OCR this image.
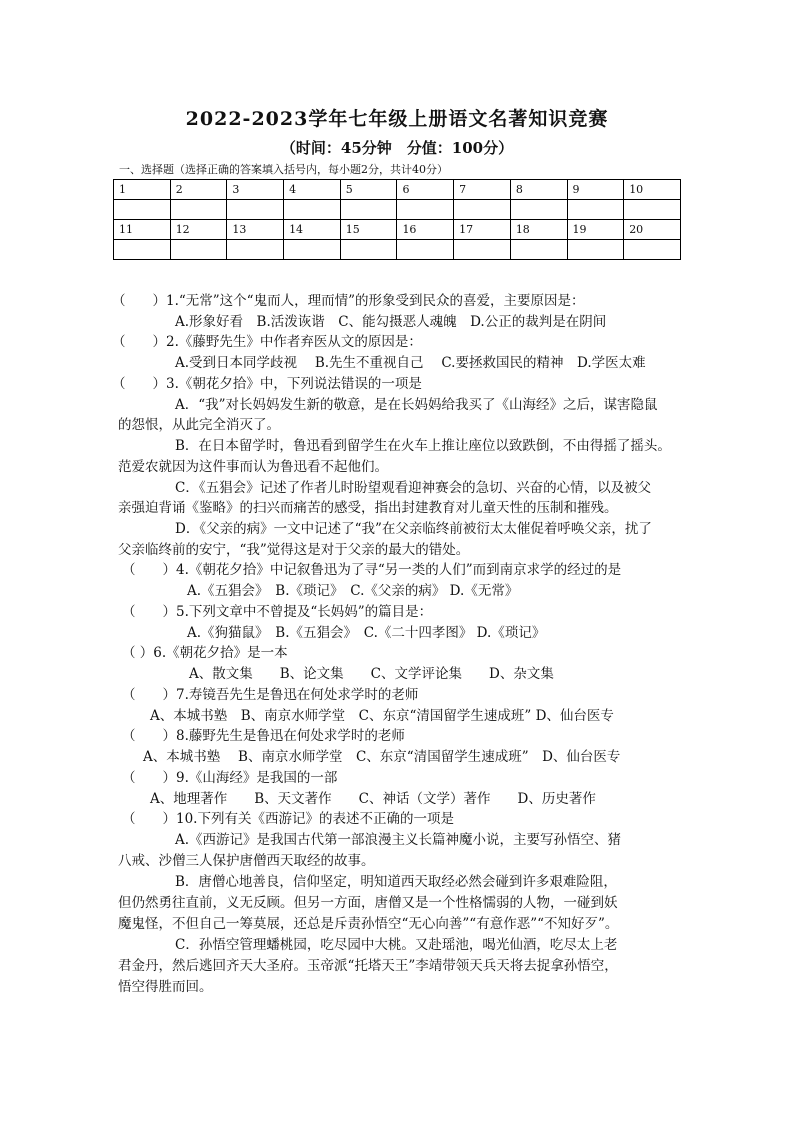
2022-2023学年七年级上册语文名著知识竞赛
（时间：45分钟　分值：100分）
一、选择题（选择正确的答案填入括号内，每小题2分，共计40分）
1	2	3	4	5	6	7	8	9	10

11	12	13	14	15	16	17	18	19	20

（　　）1.“无常”这个“鬼而人，理而情”的形象受到民众的喜爱，主要原因是：
A.形象好看　B.活泼诙谐　C、能勾摄恶人魂魄　D.公正的裁判是在阴间
（　　）2.《藤野先生》中作者弃医从文的原因是：
A.受到日本同学歧视　 B.先生不重视自己　 C.要拯救国民的精神　D.学医太难
（　　）3.《朝花夕拾》中，下列说法错误的一项是
A．“我”对长妈妈发生新的敬意，是在长妈妈给我买了《山海经》之后，谋害隐鼠
的怨恨，从此完全消灭了。
B．在日本留学时，鲁迅看到留学生在火车上推让座位以致跌倒，不由得摇了摇头。
范爱农就因为这件事而认为鲁迅看不起他们。
C．《五猖会》记述了作者儿时盼望观看迎神赛会的急切、兴奋的心情，以及被父
亲强迫背诵《鉴略》的扫兴而痛苦的感受，指出封建教育对儿童天性的压制和摧残。
D．《父亲的病》一文中记述了“我”在父亲临终前被衍太太催促着呼唤父亲，扰了
父亲临终前的安宁，“我”觉得这是对于父亲的最大的错处。
（　　）4.《朝花夕拾》中记叙鲁迅为了寻“另一类的人们”而到南京求学的经过的是
A.《五猖会》　B.《琐记》　C.《父亲的病》 D.《无常》
（　　）5.下列文章中不曾提及“长妈妈”的篇目是：
A.《狗猫鼠》　B.《五猖会》　C.《二十四孝图》 D.《琐记》
（ ）6.《朝花夕拾》是一本
A、散文集　　B、论文集　　C、文学评论集　　D、杂文集
（　　）7.寿镜吾先生是鲁迅在何处求学时的老师
A、本城书塾　B、南京水师学堂　C、东京“清国留学生速成班” D、仙台医专
（　　）8.藤野先生是鲁迅在何处求学时的老师
A、本城书塾　 B、南京水师学堂　C、东京“清国留学生速成班”　D、仙台医专
（　　）9.《山海经》是我国的一部
A、地理著作　　B、天文著作　　C、神话（文学）著作　　D、历史著作
（　　）10.下列有关《西游记》的表述不正确的一项是
A.《西游记》是我国古代第一部浪漫主义长篇神魔小说，主要写孙悟空、猪
八戒、沙僧三人保护唐僧西天取经的故事。
B．唐僧心地善良，信仰坚定，明知道西天取经必然会碰到许多艰难险阻，
但仍然勇往直前，义无反顾。但另一方面，唐僧又是一个性格懦弱的人物，一碰到妖
魔鬼怪，不但自己一筹莫展，还总是斥责孙悟空“无心向善”“有意作恶”“不知好歹”。
C．孙悟空管理蟠桃园，吃尽园中大桃。又赴瑶池，喝光仙酒，吃尽太上老
君金丹，然后逃回齐天大圣府。玉帝派“托塔天王”李靖带领天兵天将去捉拿孙悟空，
悟空得胜而回。
